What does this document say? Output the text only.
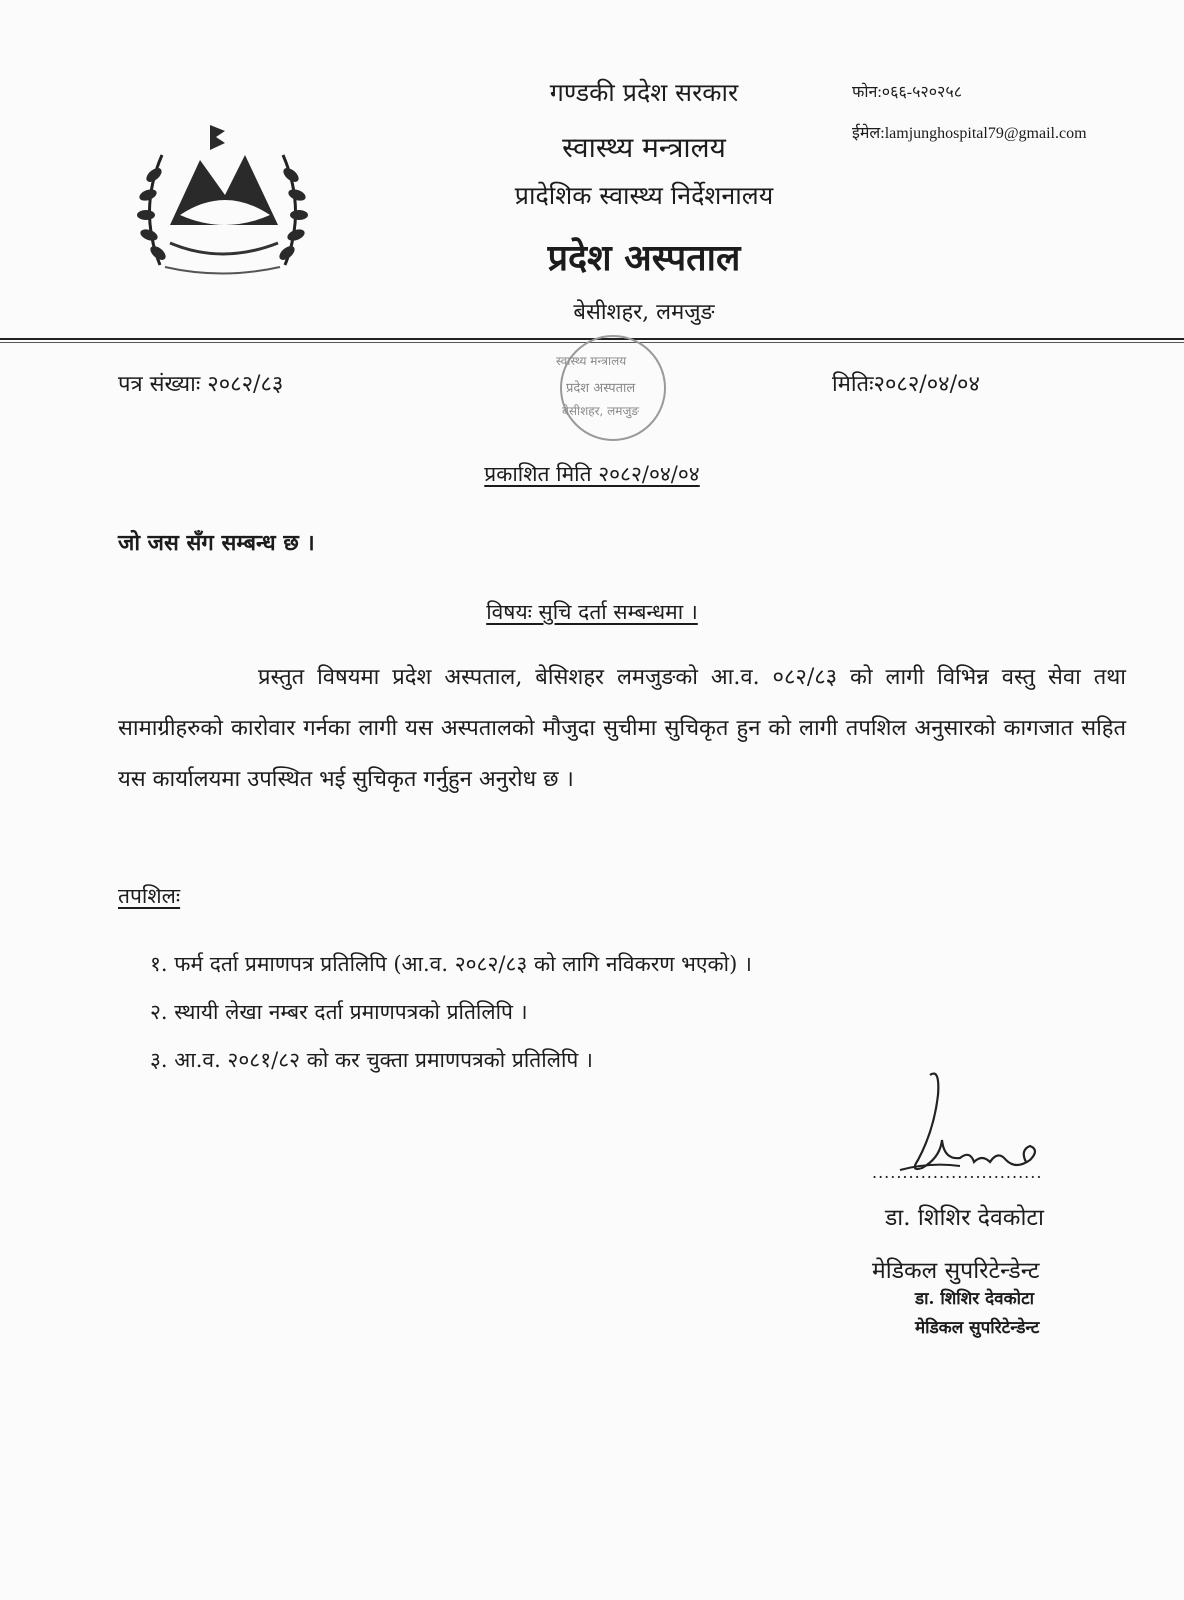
गण्डकी प्रदेश सरकार
स्वास्थ्य मन्त्रालय
प्रादेशिक स्वास्थ्य निर्देशनालय
प्रदेश अस्पताल
बेसीशहर, लमजुङ
फोन:०६६-५२०२५८
ईमेल:lamjunghospital79@gmail.com
स्वास्थ्य मन्त्रालय
प्रदेश अस्पताल
बेसीशहर, लमजुङ
पत्र संख्याः २०८२/८३	मितिः२०८२/०४/०४
प्रकाशित मिति २०८२/०४/०४
जो जस सँग सम्बन्ध छ ।
विषयः सुचि दर्ता सम्बन्धमा ।

प्रस्तुत विषयमा प्रदेश अस्पताल, बेसिशहर लमजुङको आ.व. ०८२/८३ को लागी विभिन्न वस्तु सेवा तथा सामाग्रीहरुको कारोवार गर्नका लागी यस अस्पतालको मौजुदा सुचीमा सुचिकृत हुन को लागी तपशिल अनुसारको कागजात सहित यस कार्यालयमा उपस्थित भई सुचिकृत गर्नुहुन अनुरोध छ ।

तपशिलः
१. फर्म दर्ता प्रमाणपत्र प्रतिलिपि (आ.व. २०८२/८३ को लागि नविकरण भएको) ।
२. स्थायी लेखा नम्बर दर्ता प्रमाणपत्रको प्रतिलिपि ।
३. आ.व. २०८१/८२ को कर चुक्ता प्रमाणपत्रको प्रतिलिपि ।
............................
डा. शिशिर देवकोटा
मेडिकल सुपरिटेन्डेन्ट
डा. शिशिर देवकोटा
मेडिकल सुपरिटेन्डेन्ट
